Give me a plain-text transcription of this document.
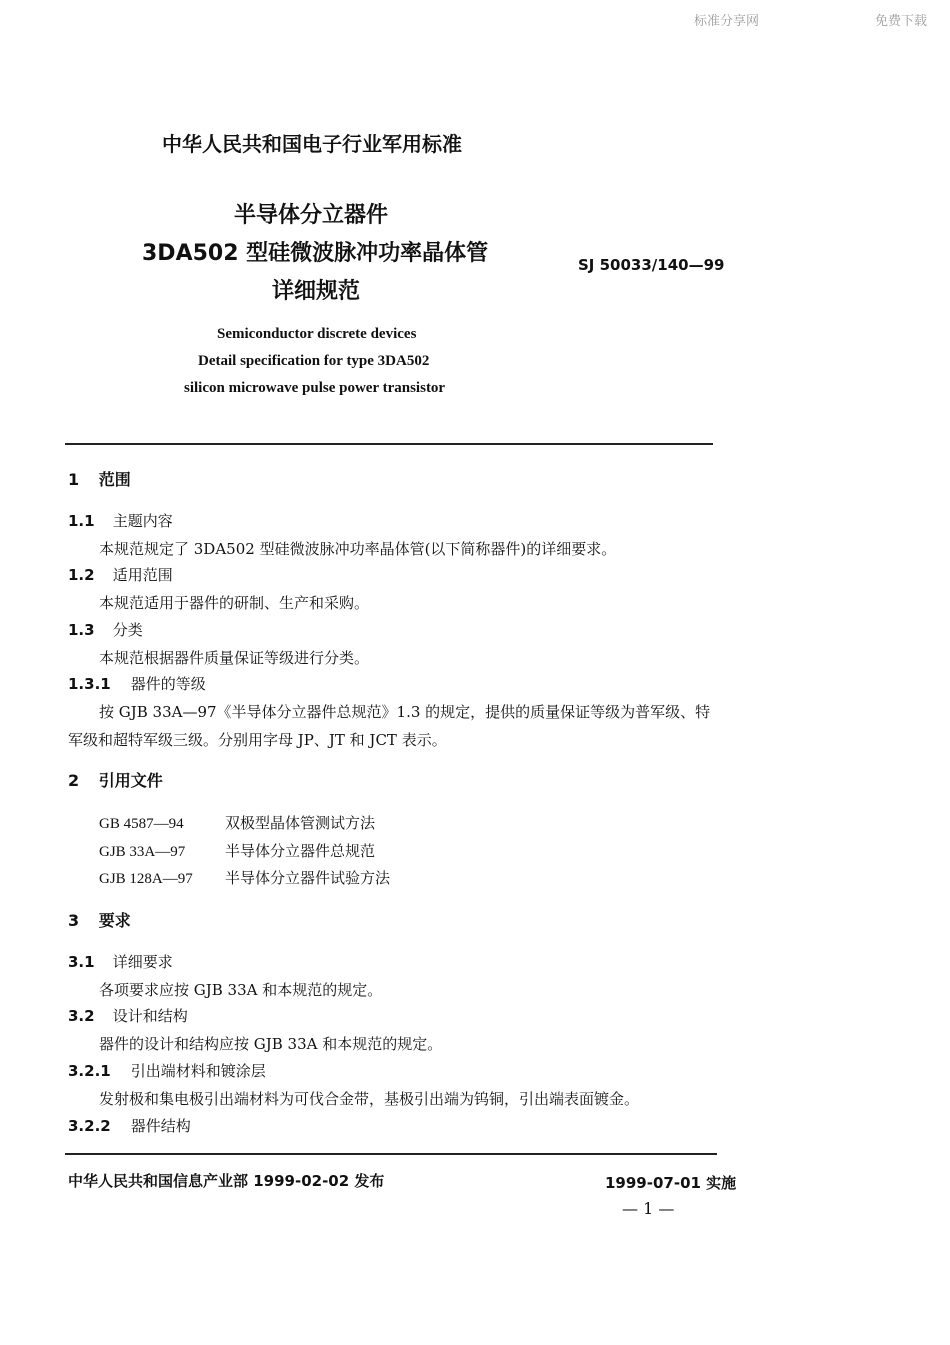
标准分享网	免费下载
中华人民共和国电子行业军用标准
半导体分立器件
3DA502 型硅微波脉冲功率晶体管
详细规范
SJ 50033/140—99
Semiconductor discrete devices
Detail specification for type 3DA502
silicon microwave pulse power transistor
1 范围
1.1 主题内容
本规范规定了 3DA502 型硅微波脉冲功率晶体管(以下简称器件)的详细要求。
1.2 适用范围
本规范适用于器件的研制、生产和采购。
1.3 分类
本规范根据器件质量保证等级进行分类。
1.3.1 器件的等级
按 GJB 33A—97《半导体分立器件总规范》1.3 的规定，提供的质量保证等级为普军级、特
军级和超特军级三级。分别用字母 JP、JT 和 JCT 表示。
2 引用文件
GB 4587—94	双极型晶体管测试方法
GJB 33A—97	半导体分立器件总规范
GJB 128A—97 半导体分立器件试验方法
3 要求
3.1 详细要求
各项要求应按 GJB 33A 和本规范的规定。
3.2 设计和结构
器件的设计和结构应按 GJB 33A 和本规范的规定。
3.2.1 引出端材料和镀涂层
发射极和集电极引出端材料为可伐合金带，基极引出端为钨铜，引出端表面镀金。
3.2.2 器件结构
中华人民共和国信息产业部 1999-02-02 发布	1999-07-01 实施
— 1 —
